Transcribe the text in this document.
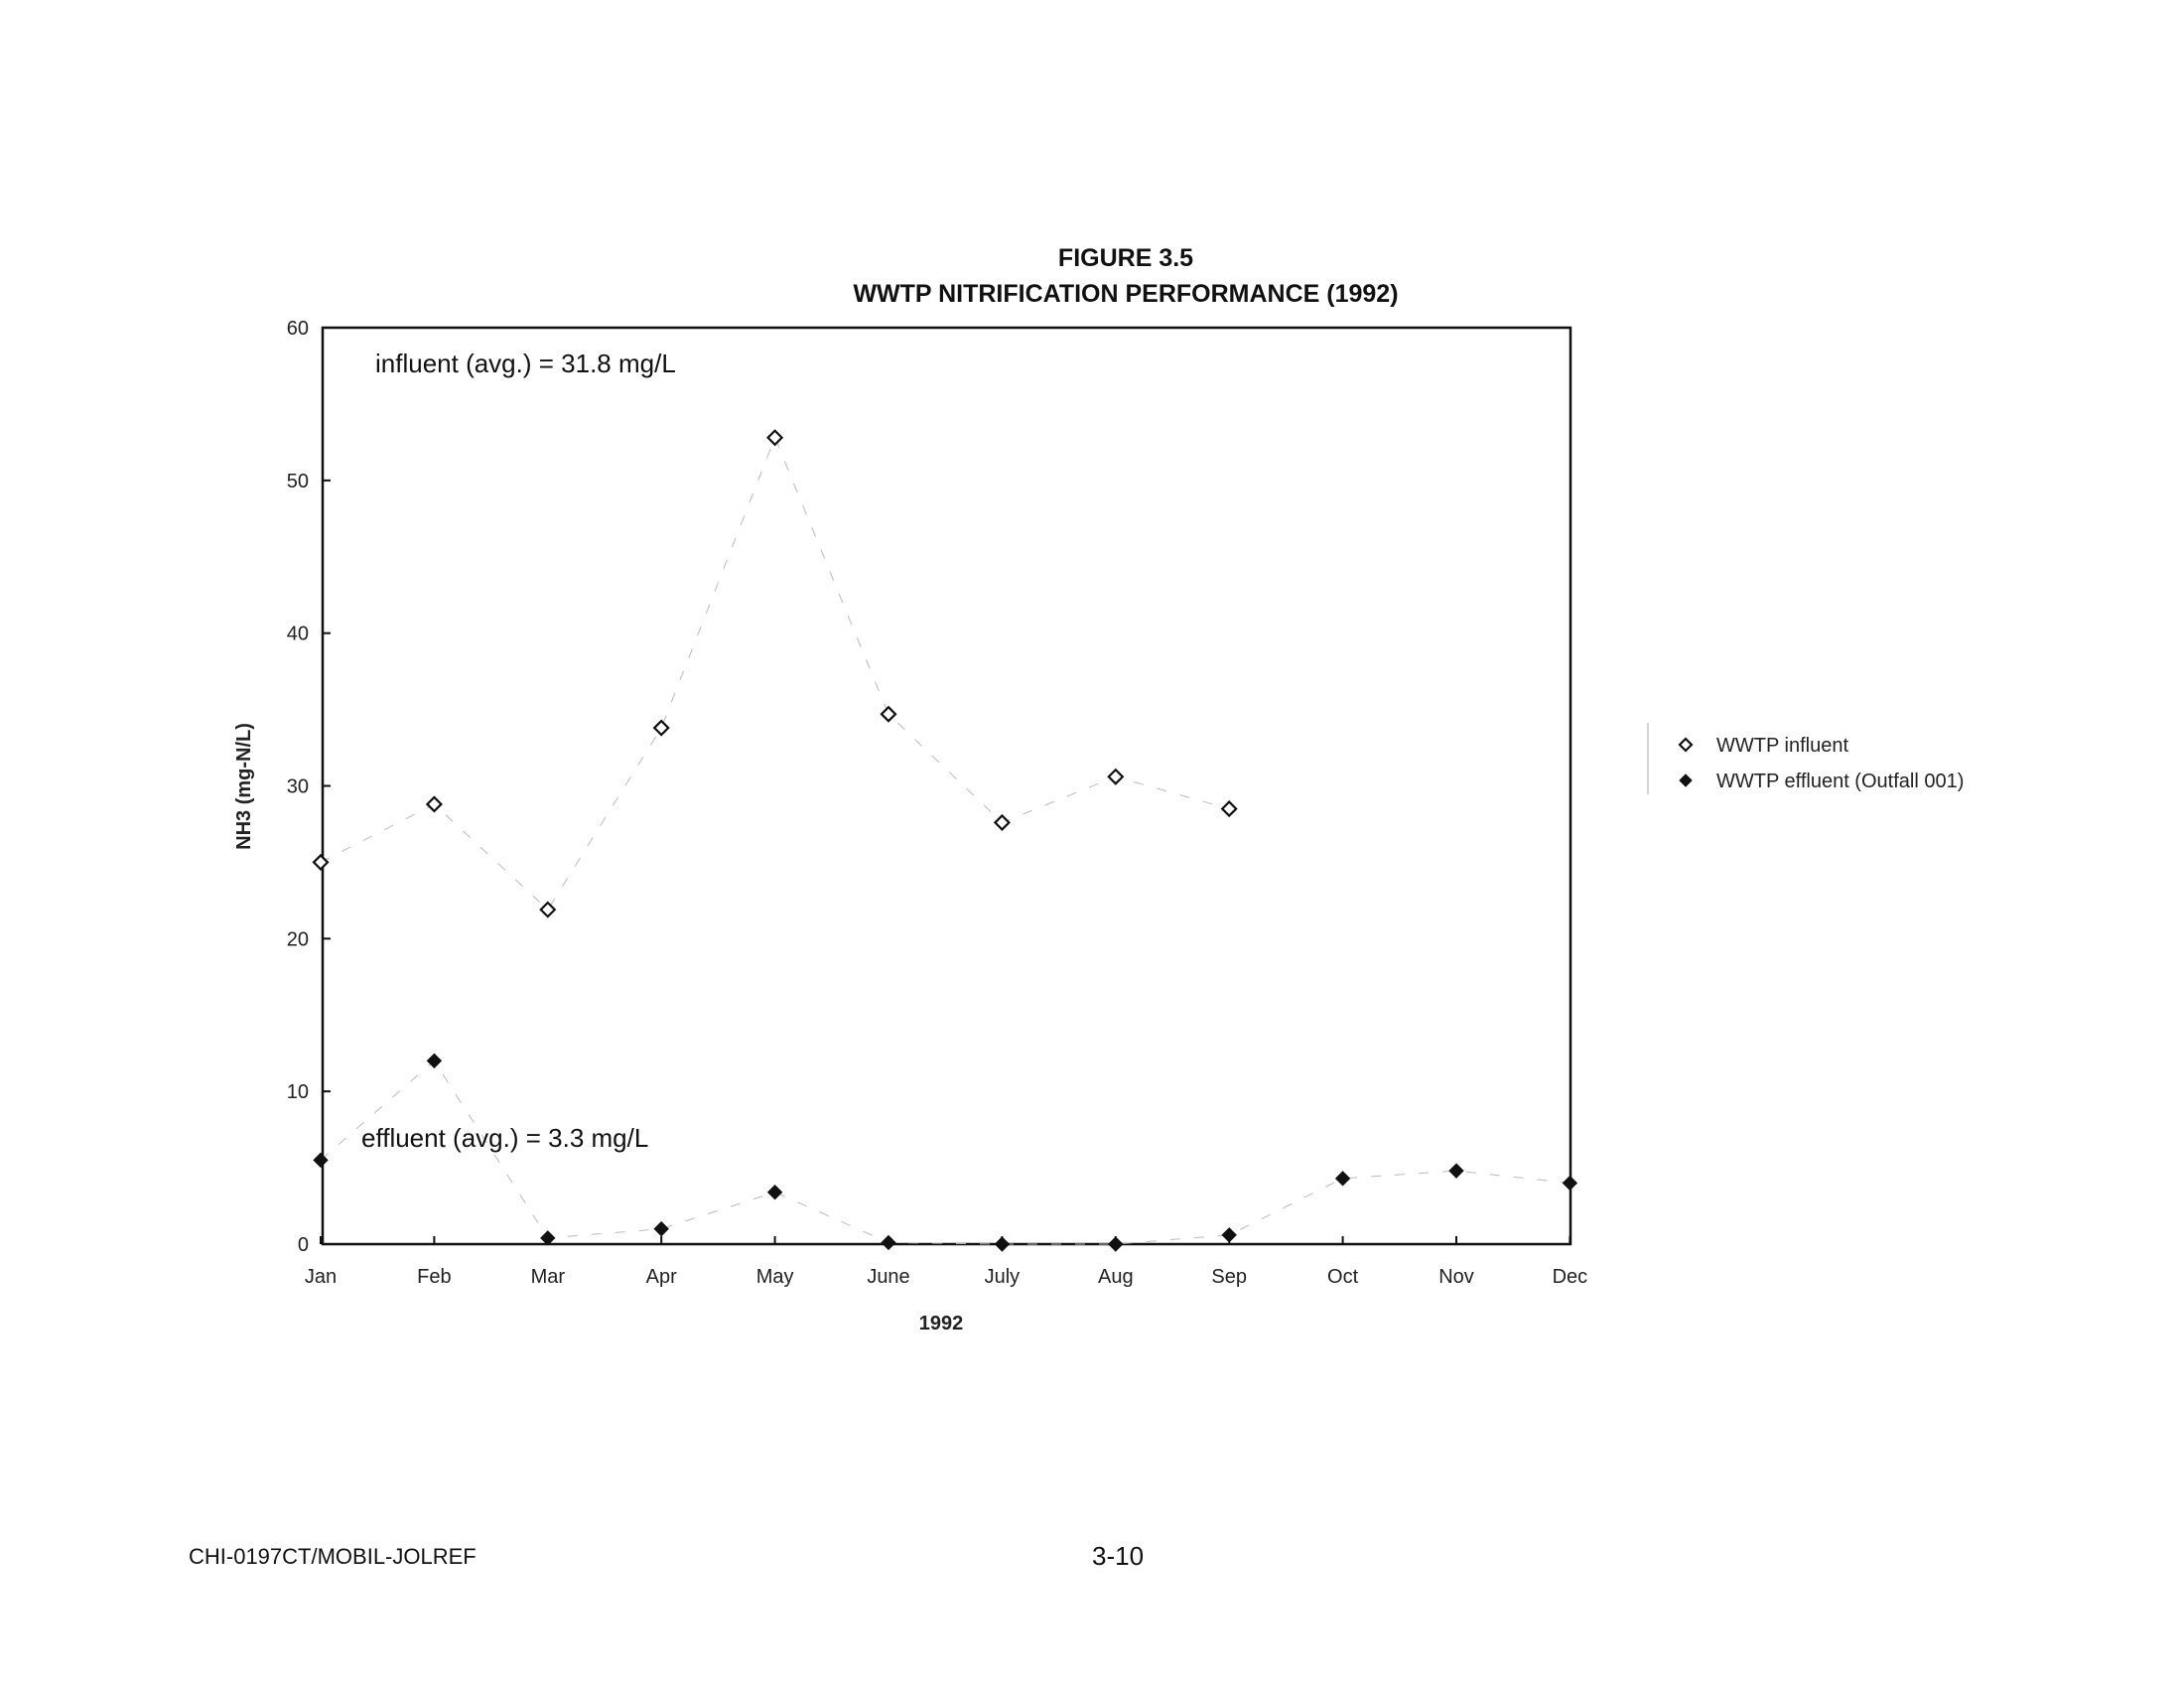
FIGURE 3.5
WWTP NITRIFICATION PERFORMANCE (1992)
0
10
20
30
40
50
60
Jan	Feb	Mar	Apr	May	June	July	Aug	Sep	Oct	Nov	Dec
NH3 (mg-N/L)
1992
influent (avg.) = 31.8 mg/L
effluent (avg.) = 3.3 mg/L
WWTP influent
WWTP effluent (Outfall 001)
CHI-0197CT/MOBIL-JOLREF	3-10
